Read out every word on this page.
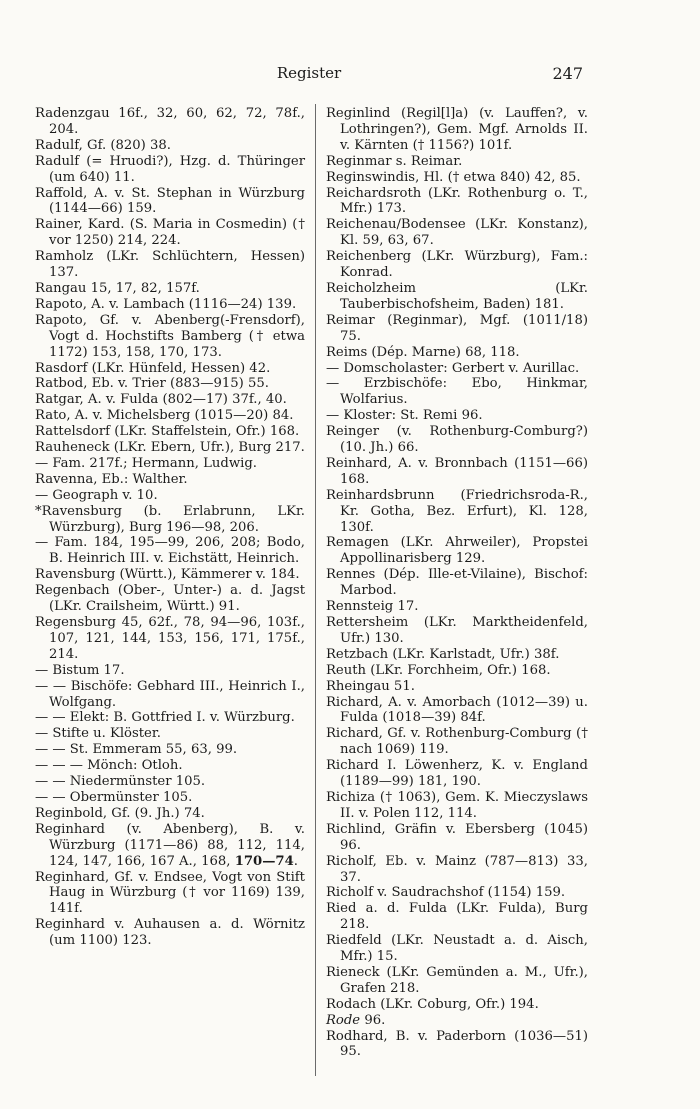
Register	247

Radenzgau 16f., 32, 60, 62, 72, 78f., 204.

Radulf, Gf. (820) 38.

Radulf (= Hruodi?), Hzg. d. Thüringer (um 640) 11.

Raffold, A. v. St. Stephan in Würzburg (1144—66) 159.

Rainer, Kard. (S. Maria in Cosmedin) († vor 1250) 214, 224.

Ramholz (LKr. Schlüchtern, Hessen) 137.

Rangau 15, 17, 82, 157f.

Rapoto, A. v. Lambach (1116—24) 139.

Rapoto, Gf. v. Abenberg(-Frensdorf), Vogt d. Hochstifts Bamberg († etwa 1172) 153, 158, 170, 173.

Rasdorf (LKr. Hünfeld, Hessen) 42.

Ratbod, Eb. v. Trier (883—915) 55.

Ratgar, A. v. Fulda (802—17) 37f., 40.

Rato, A. v. Michelsberg (1015—20) 84.

Rattelsdorf (LKr. Staffelstein, Ofr.) 168.

Rauheneck (LKr. Ebern, Ufr.), Burg 217.

— Fam. 217f.; Hermann, Ludwig.

Ravenna, Eb.: Walther.

— Geograph v. 10.

*Ravensburg (b. Erlabrunn, LKr. Würzburg), Burg 196—98, 206.

— Fam. 184, 195—99, 206, 208; Bodo, B. Heinrich III. v. Eichstätt, Heinrich.

Ravensburg (Württ.), Kämmerer v. 184.

Regenbach (Ober-, Unter-) a. d. Jagst (LKr. Crailsheim, Württ.) 91.

Regensburg 45, 62f., 78, 94—96, 103f., 107, 121, 144, 153, 156, 171, 175f., 214.

— Bistum 17.

— — Bischöfe: Gebhard III., Heinrich I., Wolfgang.

— — Elekt: B. Gottfried I. v. Würzburg.

— Stifte u. Klöster.

— — St. Emmeram 55, 63, 99.

— — — Mönch: Otloh.

— — Niedermünster 105.

— — Obermünster 105.

Reginbold, Gf. (9. Jh.) 74.

Reginhard (v. Abenberg), B. v. Würzburg (1171—86) 88, 112, 114, 124, 147, 166, 167 A., 168, 170—74.

Reginhard, Gf. v. Endsee, Vogt von Stift Haug in Würzburg († vor 1169) 139, 141f.

Reginhard v. Auhausen a. d. Wörnitz (um 1100) 123.

Reginlind (Regil[l]a) (v. Lauffen?, v. Lothringen?), Gem. Mgf. Arnolds II. v. Kärnten († 1156?) 101f.

Reginmar s. Reimar.

Reginswindis, Hl. († etwa 840) 42, 85.

Reichardsroth (LKr. Rothenburg o. T., Mfr.) 173.

Reichenau/Bodensee (LKr. Konstanz), Kl. 59, 63, 67.

Reichenberg (LKr. Würzburg), Fam.: Konrad.

Reicholzheim (LKr. Tauberbischofsheim, Baden) 181.

Reimar (Reginmar), Mgf. (1011/18) 75.

Reims (Dép. Marne) 68, 118.

— Domscholaster: Gerbert v. Aurillac.

— Erzbischöfe: Ebo, Hinkmar, Wolfarius.

— Kloster: St. Remi 96.

Reinger (v. Rothenburg-Comburg?) (10. Jh.) 66.

Reinhard, A. v. Bronnbach (1151—66) 168.

Reinhardsbrunn (Friedrichsroda-R., Kr. Gotha, Bez. Erfurt), Kl. 128, 130f.

Remagen (LKr. Ahrweiler), Propstei Appollinarisberg 129.

Rennes (Dép. Ille-et-Vilaine), Bischof: Marbod.

Rennsteig 17.

Rettersheim (LKr. Marktheidenfeld, Ufr.) 130.

Retzbach (LKr. Karlstadt, Ufr.) 38f.

Reuth (LKr. Forchheim, Ofr.) 168.

Rheingau 51.

Richard, A. v. Amorbach (1012—39) u. Fulda (1018—39) 84f.

Richard, Gf. v. Rothenburg-Comburg († nach 1069) 119.

Richard I. Löwenherz, K. v. England (1189—99) 181, 190.

Richiza († 1063), Gem. K. Mieczyslaws II. v. Polen 112, 114.

Richlind, Gräfin v. Ebersberg (1045) 96.

Richolf, Eb. v. Mainz (787—813) 33, 37.

Richolf v. Saudrachshof (1154) 159.

Ried a. d. Fulda (LKr. Fulda), Burg 218.

Riedfeld (LKr. Neustadt a. d. Aisch, Mfr.) 15.

Rieneck (LKr. Gemünden a. M., Ufr.), Grafen 218.

Rodach (LKr. Coburg, Ofr.) 194.

Rode 96.

Rodhard, B. v. Paderborn (1036—51) 95.
